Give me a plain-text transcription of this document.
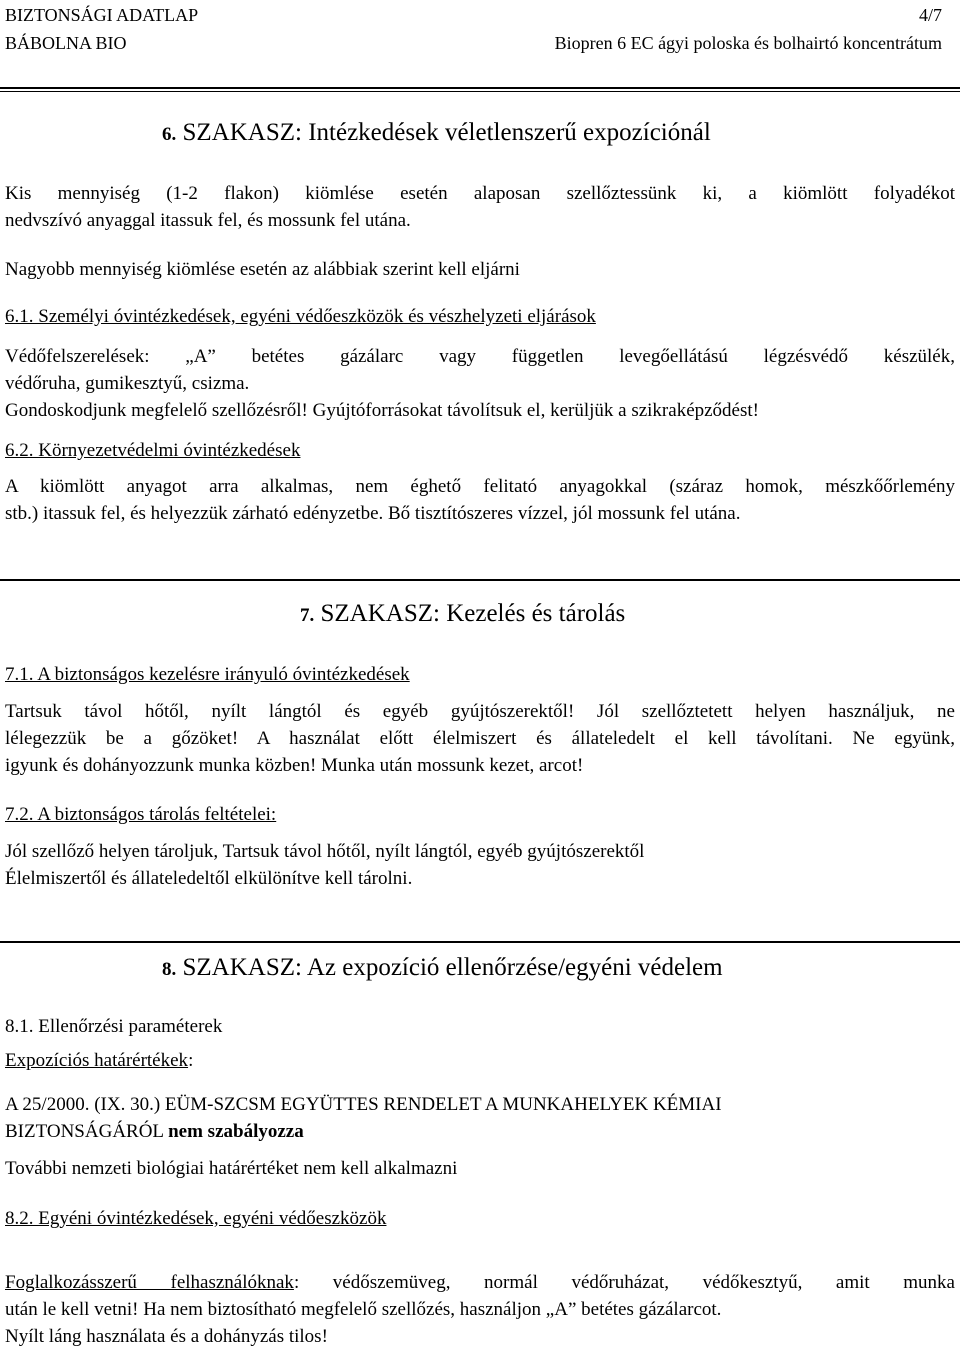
BIZTONSÁGI ADATLAP
BÁBOLNA BIO
4/7
Biopren 6 EC ágyi poloska és bolhairtó koncentrátum
6. SZAKASZ: Intézkedések véletlenszerű expozíciónál
Kis mennyiség (1-2 flakon) kiömlése esetén alaposan szellőztessünk ki, a kiömlött folyadékot
nedvszívó anyaggal itassuk fel, és mossunk fel utána.
Nagyobb mennyiség kiömlése esetén az alábbiak szerint kell eljárni
6.1. Személyi óvintézkedések, egyéni védőeszközök és vészhelyzeti eljárások
Védőfelszerelések: „A” betétes gázálarc vagy független levegőellátású légzésvédő készülék,
védőruha, gumikesztyű, csizma.
Gondoskodjunk megfelelő szellőzésről! Gyújtóforrásokat távolítsuk el, kerüljük a szikraképződést!
6.2. Környezetvédelmi óvintézkedések
A kiömlött anyagot arra alkalmas, nem éghető felitató anyagokkal (száraz homok, mészkőőrlemény
stb.) itassuk fel, és helyezzük zárható edényzetbe. Bő tisztítószeres vízzel, jól mossunk fel utána.
7. SZAKASZ: Kezelés és tárolás
7.1. A biztonságos kezelésre irányuló óvintézkedések
Tartsuk távol hőtől, nyílt lángtól és egyéb gyújtószerektől! Jól szellőztetett helyen használjuk, ne
lélegezzük be a gőzöket! A használat előtt élelmiszert és állateledelt el kell távolítani. Ne együnk,
igyunk és dohányozzunk munka közben! Munka után mossunk kezet, arcot!
7.2. A biztonságos tárolás feltételei:
Jól szellőző helyen tároljuk, Tartsuk távol hőtől, nyílt lángtól, egyéb gyújtószerektől
Élelmiszertől és állateledeltől elkülönítve kell tárolni.
8. SZAKASZ: Az expozíció ellenőrzése/egyéni védelem
8.1. Ellenőrzési paraméterek
Expozíciós határértékek:
A 25/2000. (IX. 30.) EÜM-SZCSM EGYÜTTES RENDELET A MUNKAHELYEK KÉMIAI
BIZTONSÁGÁRÓL nem szabályozza
További nemzeti biológiai határértéket nem kell alkalmazni
8.2. Egyéni óvintézkedések, egyéni védőeszközök
Foglalkozásszerű felhasználóknak: védőszemüveg, normál védőruházat, védőkesztyű, amit munka
után le kell vetni! Ha nem biztosítható megfelelő szellőzés, használjon „A” betétes gázálarcot.
Nyílt láng használata és a dohányzás tilos!
